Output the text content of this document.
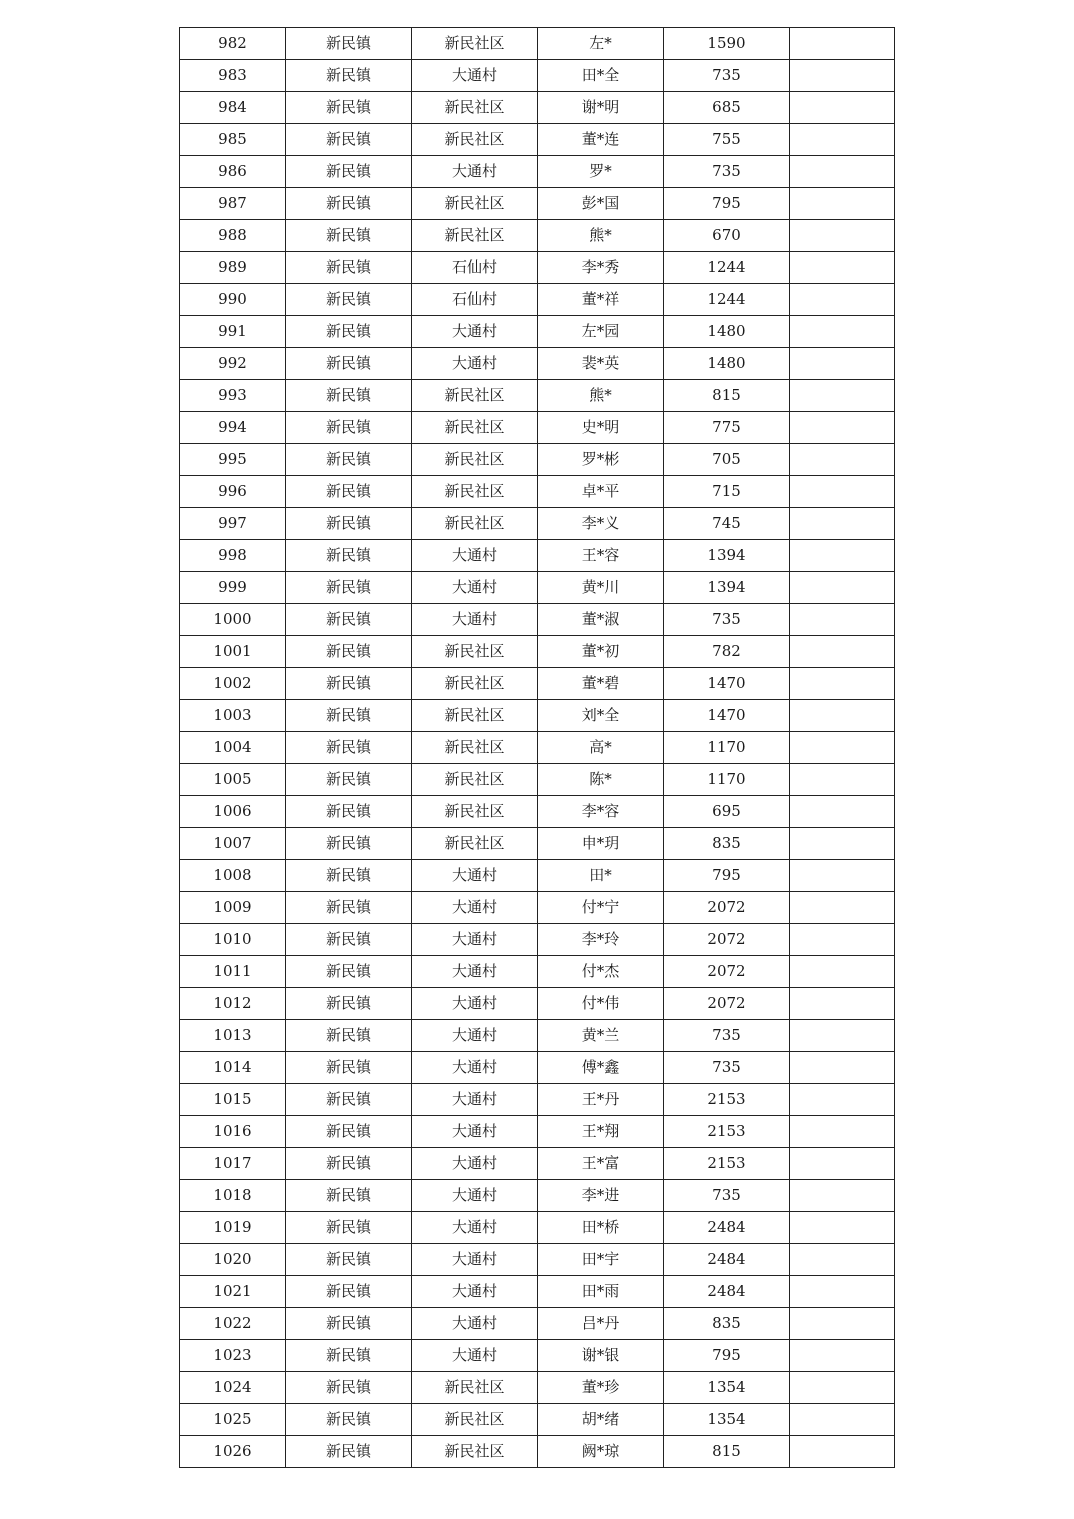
982	新民镇	新民社区	左*	1590	
983	新民镇	大通村	田*全	735	
984	新民镇	新民社区	谢*明	685	
985	新民镇	新民社区	董*连	755	
986	新民镇	大通村	罗*	735	
987	新民镇	新民社区	彭*国	795	
988	新民镇	新民社区	熊*	670	
989	新民镇	石仙村	李*秀	1244	
990	新民镇	石仙村	董*祥	1244	
991	新民镇	大通村	左*园	1480	
992	新民镇	大通村	裴*英	1480	
993	新民镇	新民社区	熊*	815	
994	新民镇	新民社区	史*明	775	
995	新民镇	新民社区	罗*彬	705	
996	新民镇	新民社区	卓*平	715	
997	新民镇	新民社区	李*义	745	
998	新民镇	大通村	王*容	1394	
999	新民镇	大通村	黄*川	1394	
1000	新民镇	大通村	董*淑	735	
1001	新民镇	新民社区	董*初	782	
1002	新民镇	新民社区	董*碧	1470	
1003	新民镇	新民社区	刘*全	1470	
1004	新民镇	新民社区	高*	1170	
1005	新民镇	新民社区	陈*	1170	
1006	新民镇	新民社区	李*容	695	
1007	新民镇	新民社区	申*玥	835	
1008	新民镇	大通村	田*	795	
1009	新民镇	大通村	付*宁	2072	
1010	新民镇	大通村	李*玲	2072	
1011	新民镇	大通村	付*杰	2072	
1012	新民镇	大通村	付*伟	2072	
1013	新民镇	大通村	黄*兰	735	
1014	新民镇	大通村	傅*鑫	735	
1015	新民镇	大通村	王*丹	2153	
1016	新民镇	大通村	王*翔	2153	
1017	新民镇	大通村	王*富	2153	
1018	新民镇	大通村	李*进	735	
1019	新民镇	大通村	田*桥	2484	
1020	新民镇	大通村	田*宇	2484	
1021	新民镇	大通村	田*雨	2484	
1022	新民镇	大通村	吕*丹	835	
1023	新民镇	大通村	谢*银	795	
1024	新民镇	新民社区	董*珍	1354	
1025	新民镇	新民社区	胡*绪	1354	
1026	新民镇	新民社区	阙*琼	815	
